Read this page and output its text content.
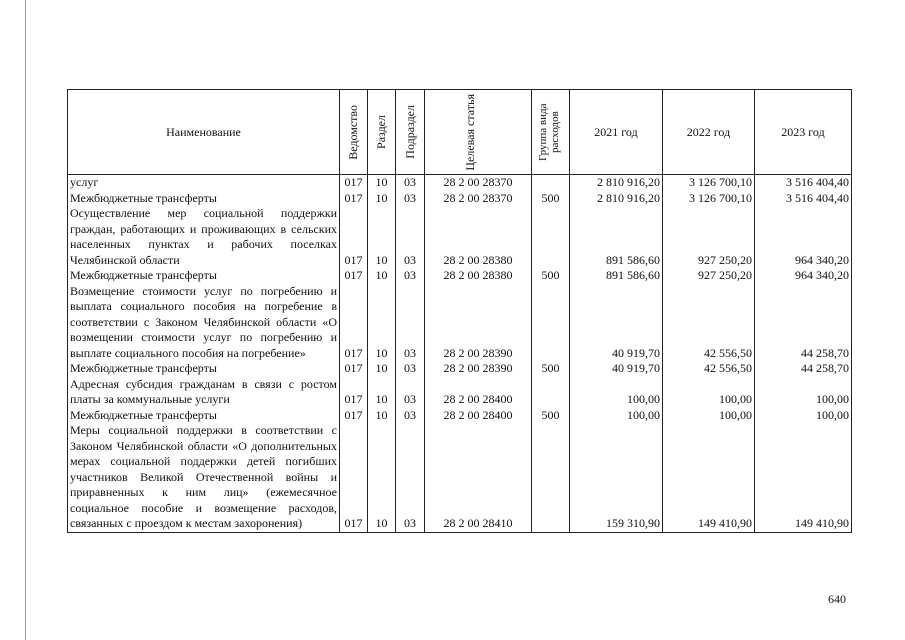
Наименование	Ведомство	Раздел	Подраздел	Целевая статья	Группа вида расходов	2021 год	2022 год	2023 год
услуг	017	10	03	28 2 00 28370		2 810 916,20	3 126 700,10	3 516 404,40
Межбюджетные трансферты	017	10	03	28 2 00 28370	500	2 810 916,20	3 126 700,10	3 516 404,40
Осуществление мер социальной поддержки граждан, работающих и проживающих в сельских населенных пунктах и рабочих поселках Челябинской области	017	10	03	28 2 00 28380		891 586,60	927 250,20	964 340,20
Межбюджетные трансферты	017	10	03	28 2 00 28380	500	891 586,60	927 250,20	964 340,20
Возмещение стоимости услуг по погребению и выплата социального пособия на погребение в соответствии с Законом Челябинской области «О возмещении стоимости услуг по погребению и выплате социального пособия на погребение»	017	10	03	28 2 00 28390		40 919,70	42 556,50	44 258,70
Межбюджетные трансферты	017	10	03	28 2 00 28390	500	40 919,70	42 556,50	44 258,70
Адресная субсидия гражданам в связи с ростом платы за коммунальные услуги	017	10	03	28 2 00 28400		100,00	100,00	100,00
Межбюджетные трансферты	017	10	03	28 2 00 28400	500	100,00	100,00	100,00
Меры социальной поддержки в соответствии с Законом Челябинской области «О дополнительных мерах социальной поддержки детей погибших участников Великой Отечественной войны и приравненных к ним лиц» (ежемесячное социальное пособие и возмещение расходов, связанных с проездом к местам захоронения)	017	10	03	28 2 00 28410		159 310,90	149 410,90	149 410,90
640
